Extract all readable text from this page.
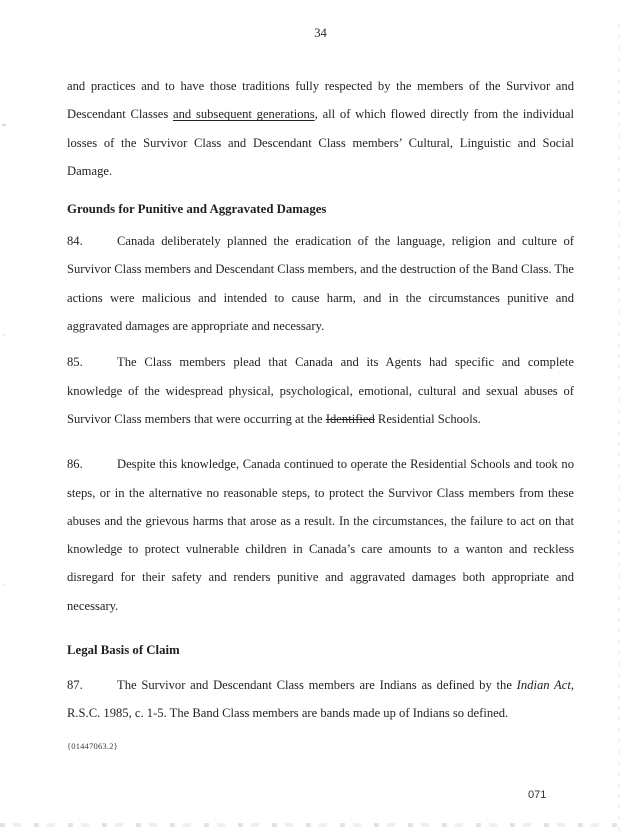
34

and practices and to have those traditions fully respected by the members of the Survivor and Descendant Classes and subsequent generations, all of which flowed directly from the individual losses of the Survivor Class and Descendant Class members’ Cultural, Linguistic and Social Damage.

Grounds for Punitive and Aggravated Damages

84.	Canada deliberately planned the eradication of the language, religion and culture of Survivor Class members and Descendant Class members, and the destruction of the Band Class. The actions were malicious and intended to cause harm, and in the circumstances punitive and aggravated damages are appropriate and necessary.

85.	The Class members plead that Canada and its Agents had specific and complete knowledge of the widespread physical, psychological, emotional, cultural and sexual abuses of Survivor Class members that were occurring at the Identified Residential Schools.

86.	Despite this knowledge, Canada continued to operate the Residential Schools and took no steps, or in the alternative no reasonable steps, to protect the Survivor Class members from these abuses and the grievous harms that arose as a result. In the circumstances, the failure to act on that knowledge to protect vulnerable children in Canada’s care amounts to a wanton and reckless disregard for their safety and renders punitive and aggravated damages both appropriate and necessary.

Legal Basis of Claim

87.	The Survivor and Descendant Class members are Indians as defined by the Indian Act, R.S.C. 1985, c. 1-5. The Band Class members are bands made up of Indians so defined.

{01447063.2}
071
